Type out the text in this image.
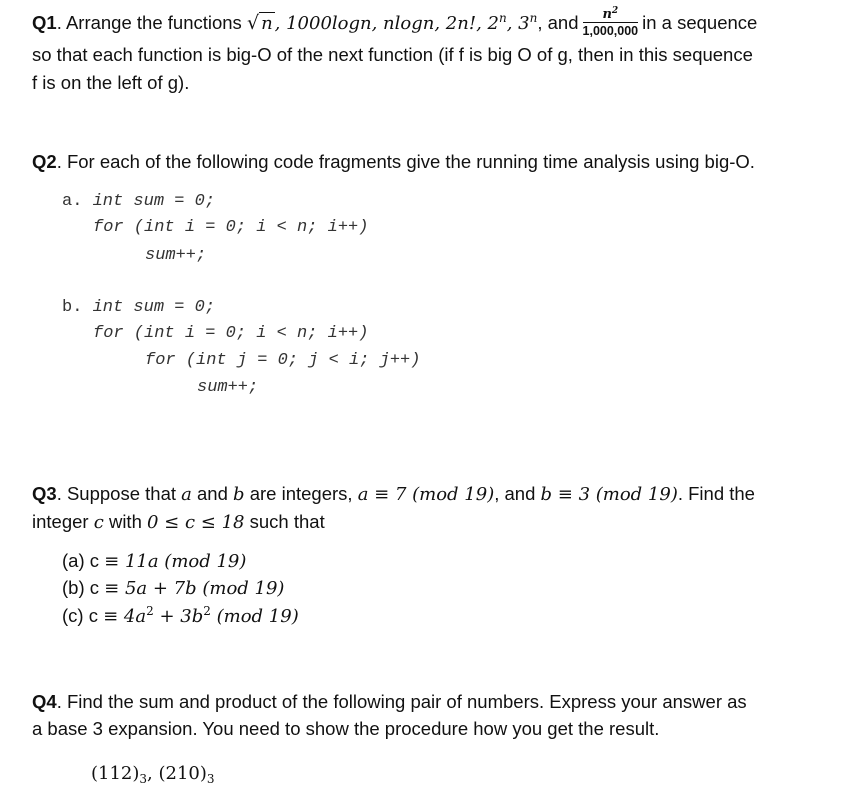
Q1. Arrange the functions √ n , 1000logn, nlogn, 2n!, 2$^n$, 3$^n$, and $\frac{n^2}{1,000,000}$ in a sequence
so that each function is big-O of the next function (if f is big O of g, then in this sequence
f is on the left of g).
Q2. For each of the following code fragments give the running time analysis using big-O.
a. int sum = 0;
for (int i = 0; i < n; i++)
sum++;
b. int sum = 0;
for (int i = 0; i < n; i++)
for (int j = 0; j < i; j++)
sum++;
Q3. Suppose that a and b are integers, a ≡ 7 (mod 19), and b ≡ 3 (mod 19). Find the
integer c with 0 ≤ c ≤ 18 such that
(a) c ≡ 11a (mod 19)
(b) c ≡ 5a + 7b (mod 19)
(c) $c \equiv 4a^2 + 3b^2$ (mod 19)
Q4. Find the sum and product of the following pair of numbers. Express your answer as
a base 3 expansion. You need to show the procedure how you get the result.
$(112)_3$, $(210)_3$
